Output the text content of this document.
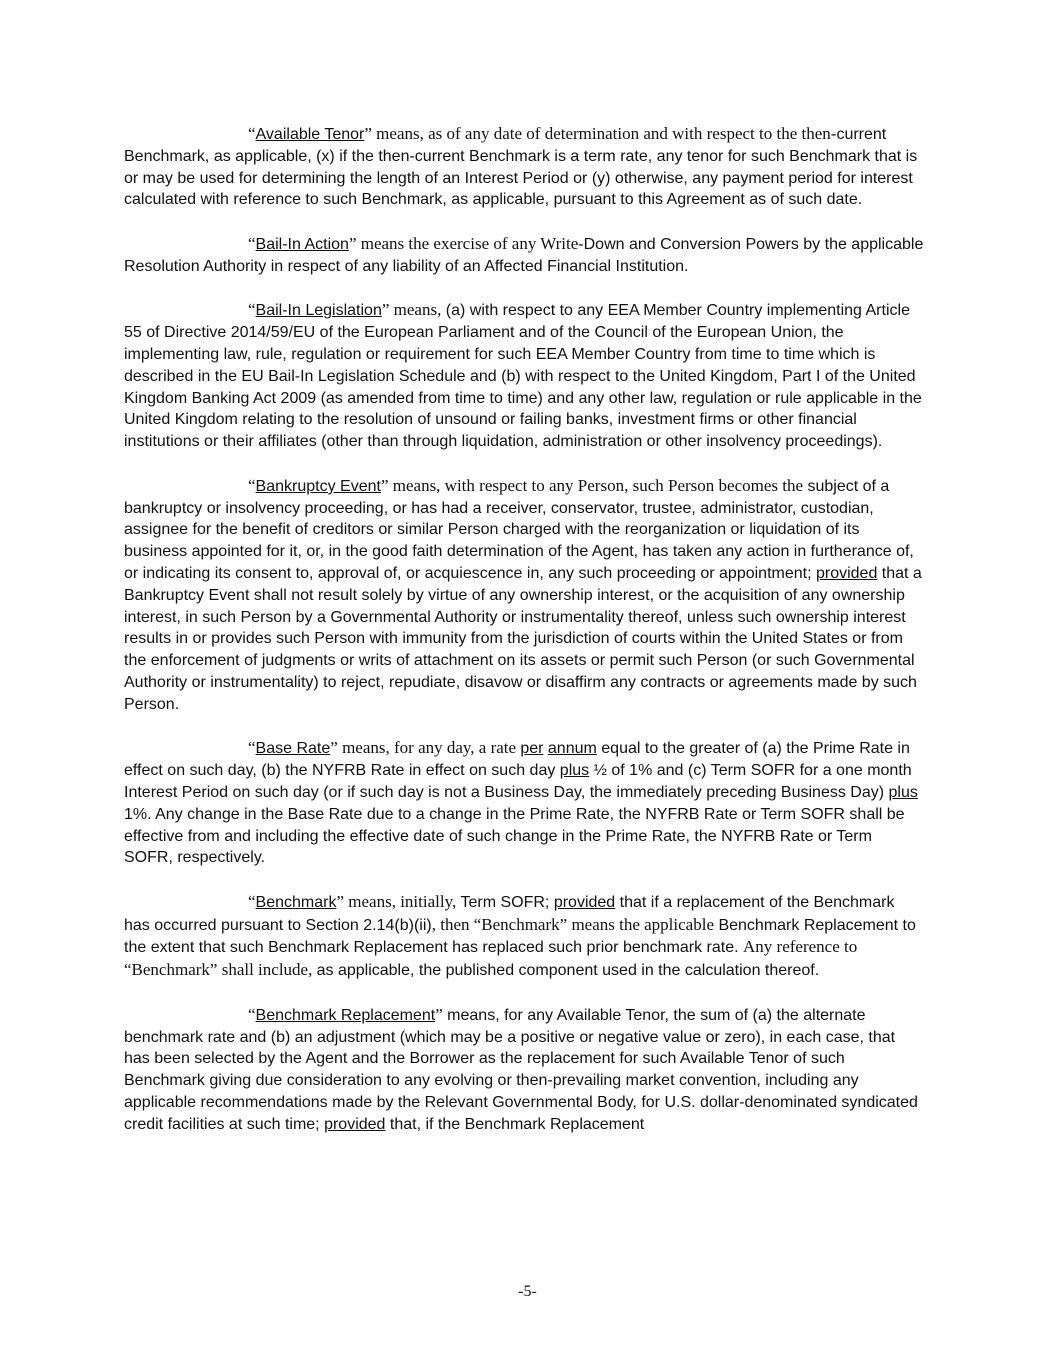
“Available Tenor” means, as of any date of determination and with respect to the then-current Benchmark, as applicable, (x) if the then-current Benchmark is a term rate, any tenor for such Benchmark that is or may be used for determining the length of an Interest Period or (y) otherwise, any payment period for interest calculated with reference to such Benchmark, as applicable, pursuant to this Agreement as of such date.

“Bail-In Action” means the exercise of any Write-Down and Conversion Powers by the applicable Resolution Authority in respect of any liability of an Affected Financial Institution.

“Bail-In Legislation” means, (a) with respect to any EEA Member Country implementing Article 55 of Directive 2014/59/EU of the European Parliament and of the Council of the European Union, the implementing law, rule, regulation or requirement for such EEA Member Country from time to time which is described in the EU Bail-In Legislation Schedule and (b) with respect to the United Kingdom, Part I of the United Kingdom Banking Act 2009 (as amended from time to time) and any other law, regulation or rule applicable in the United Kingdom relating to the resolution of unsound or failing banks, investment firms or other financial institutions or their affiliates (other than through liquidation, administration or other insolvency proceedings).

“Bankruptcy Event” means, with respect to any Person, such Person becomes the subject of a bankruptcy or insolvency proceeding, or has had a receiver, conservator, trustee, administrator, custodian, assignee for the benefit of creditors or similar Person charged with the reorganization or liquidation of its business appointed for it, or, in the good faith determination of the Agent, has taken any action in furtherance of, or indicating its consent to, approval of, or acquiescence in, any such proceeding or appointment; provided that a Bankruptcy Event shall not result solely by virtue of any ownership interest, or the acquisition of any ownership interest, in such Person by a Governmental Authority or instrumentality thereof, unless such ownership interest results in or provides such Person with immunity from the jurisdiction of courts within the United States or from the enforcement of judgments or writs of attachment on its assets or permit such Person (or such Governmental Authority or instrumentality) to reject, repudiate, disavow or disaffirm any contracts or agreements made by such Person.

“Base Rate” means, for any day, a rate per annum equal to the greater of (a) the Prime Rate in effect on such day, (b) the NYFRB Rate in effect on such day plus ½ of 1% and (c) Term SOFR for a one month Interest Period on such day (or if such day is not a Business Day, the immediately preceding Business Day) plus 1%. Any change in the Base Rate due to a change in the Prime Rate, the NYFRB Rate or Term SOFR shall be effective from and including the effective date of such change in the Prime Rate, the NYFRB Rate or Term SOFR, respectively.

“Benchmark” means, initially, Term SOFR; provided that if a replacement of the Benchmark has occurred pursuant to Section 2.14(b)(ii), then “Benchmark” means the applicable Benchmark Replacement to the extent that such Benchmark Replacement has replaced such prior benchmark rate. Any reference to “Benchmark” shall include, as applicable, the published component used in the calculation thereof.

“Benchmark Replacement” means, for any Available Tenor, the sum of (a) the alternate benchmark rate and (b) an adjustment (which may be a positive or negative value or zero), in each case, that has been selected by the Agent and the Borrower as the replacement for such Available Tenor of such Benchmark giving due consideration to any evolving or then-prevailing market convention, including any applicable recommendations made by the Relevant Governmental Body, for U.S. dollar-denominated syndicated credit facilities at such time; provided that, if the Benchmark Replacement

-5-
